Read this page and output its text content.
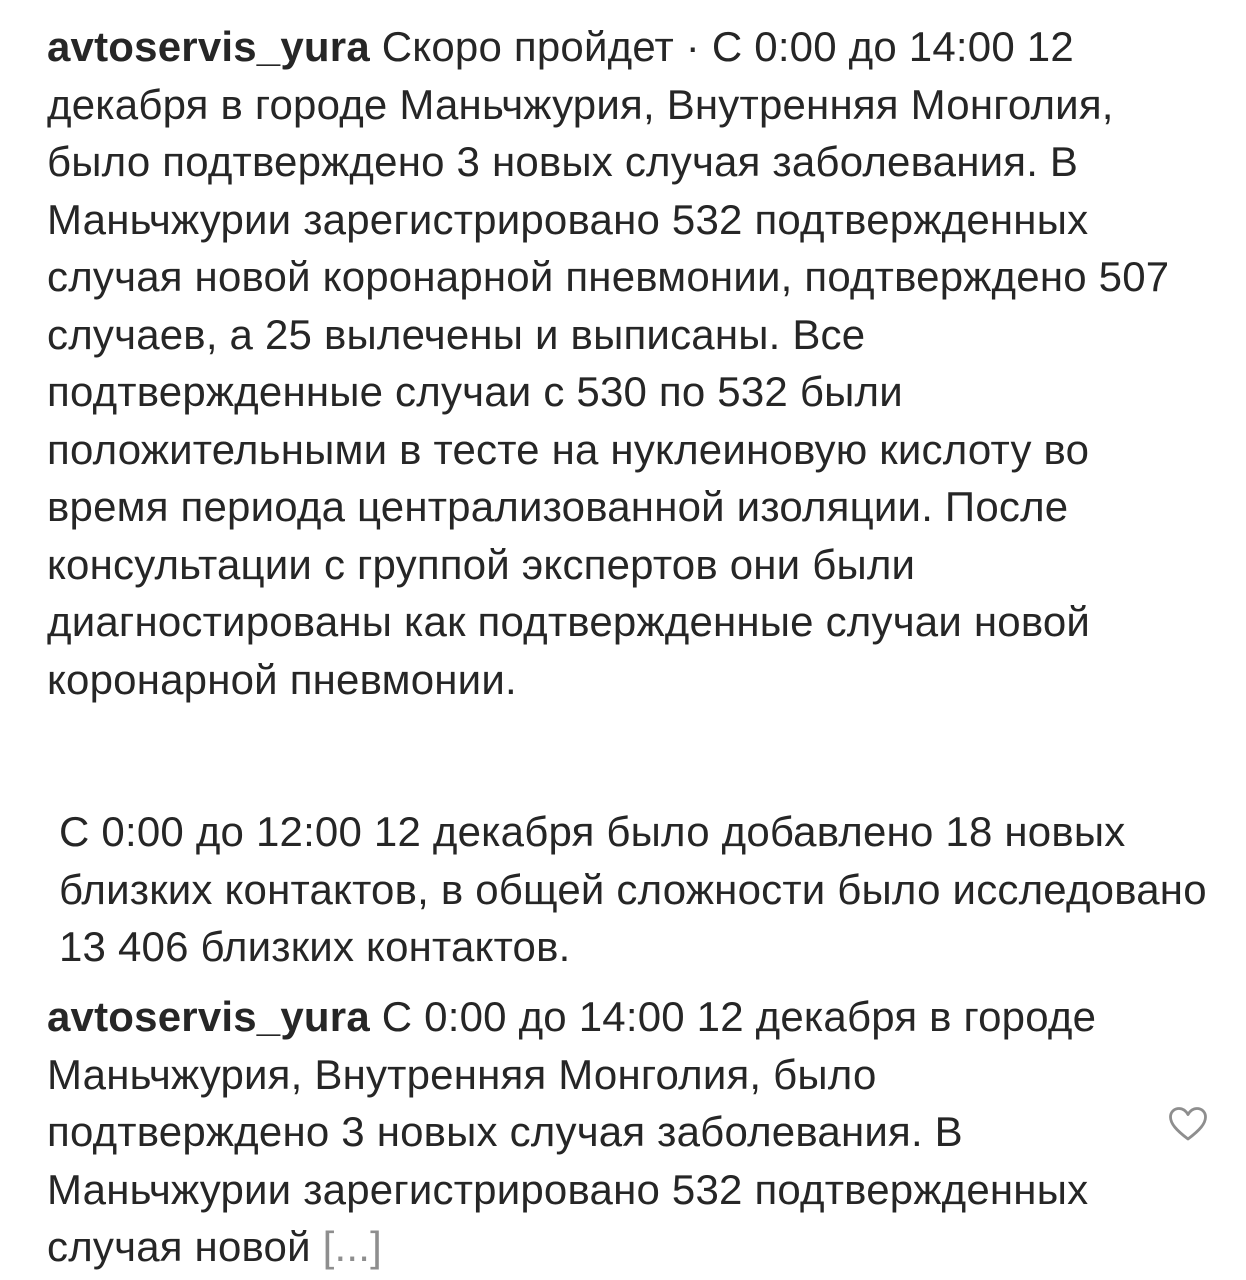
avtoservis_yura Скоро пройдет · С 0:00 до 14:00 12 декабря в городе Маньчжурия, Внутренняя Монголия, было подтверждено 3 новых случая заболевания. В Маньчжурии зарегистрировано 532 подтвержденных случая новой коронарной пневмонии, подтверждено 507 случаев, а 25 вылечены и выписаны. Все подтвержденные случаи с 530 по 532 были положительными в тесте на нуклеиновую кислоту во время периода централизованной изоляции. После консультации с группой экспертов они были диагностированы как подтвержденные случаи новой коронарной пневмонии.
С 0:00 до 12:00 12 декабря было добавлено 18 новых близких контактов, в общей сложности было исследовано 13 406 близких контактов.
avtoservis_yura С 0:00 до 14:00 12 декабря в городе Маньчжурия, Внутренняя Монголия, было подтверждено 3 новых случая заболевания. В Маньчжурии зарегистрировано 532 подтвержденных случая новой [...]
